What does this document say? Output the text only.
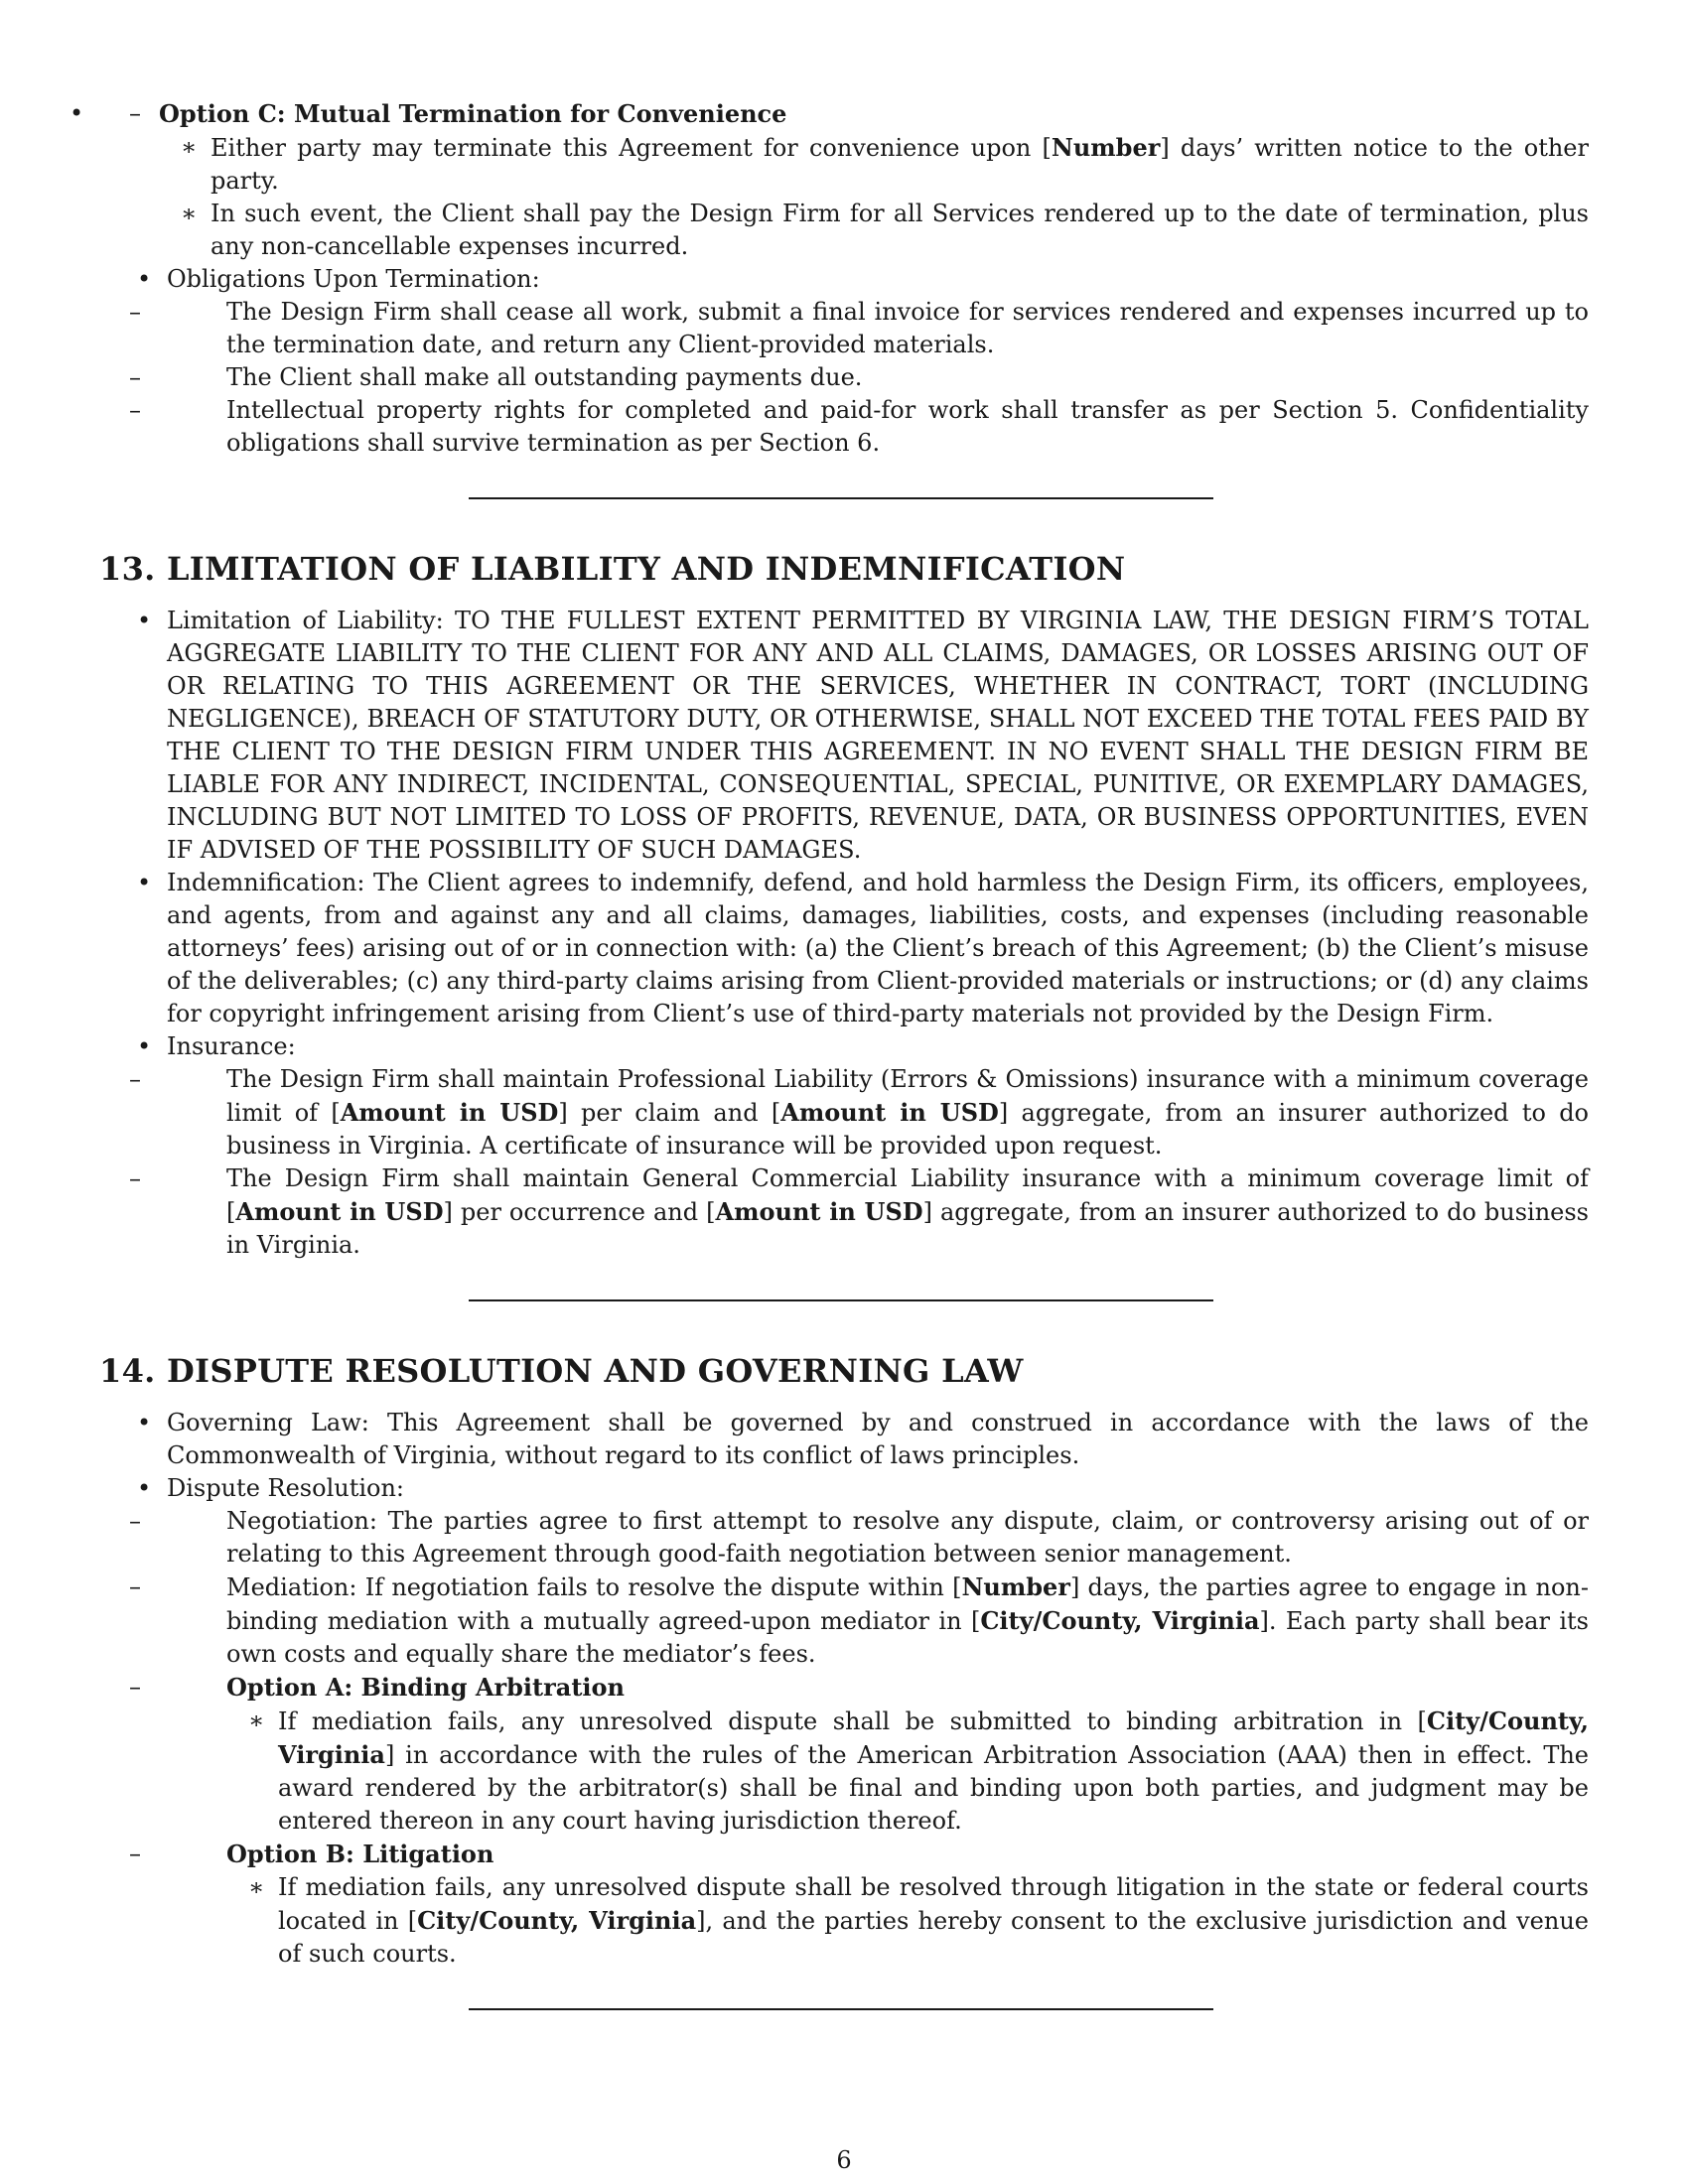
– • Option C: Mutual Termination for Convenience
∗ Either party may terminate this Agreement for convenience upon [Number] days’ written notice to the other party.
∗ In such event, the Client shall pay the Design Firm for all Services rendered up to the date of termination, plus any non-cancellable expenses incurred.
• Obligations Upon Termination:
– The Design Firm shall cease all work, submit a final invoice for services rendered and expenses incurred up to the termination date, and return any Client-provided materials.
– The Client shall make all outstanding payments due.
– Intellectual property rights for completed and paid-for work shall transfer as per Section 5. Confidentiality obligations shall survive termination as per Section 6.
13. LIMITATION OF LIABILITY AND INDEMNIFICATION
• Limitation of Liability: TO THE FULLEST EXTENT PERMITTED BY VIRGINIA LAW, THE DESIGN FIRM’S TOTAL AGGREGATE LIABILITY TO THE CLIENT FOR ANY AND ALL CLAIMS, DAMAGES, OR LOSSES ARISING OUT OF OR RELATING TO THIS AGREEMENT OR THE SERVICES, WHETHER IN CONTRACT, TORT (INCLUDING NEGLIGENCE), BREACH OF STATUTORY DUTY, OR OTHERWISE, SHALL NOT EXCEED THE TOTAL FEES PAID BY THE CLIENT TO THE DESIGN FIRM UNDER THIS AGREEMENT. IN NO EVENT SHALL THE DESIGN FIRM BE LIABLE FOR ANY INDIRECT, INCIDENTAL, CONSEQUENTIAL, SPECIAL, PUNITIVE, OR EXEMPLARY DAMAGES, INCLUDING BUT NOT LIMITED TO LOSS OF PROFITS, REVENUE, DATA, OR BUSINESS OPPORTUNITIES, EVEN IF ADVISED OF THE POSSIBILITY OF SUCH DAMAGES.
• Indemnification: The Client agrees to indemnify, defend, and hold harmless the Design Firm, its officers, employees, and agents, from and against any and all claims, damages, liabilities, costs, and expenses (including reasonable attorneys’ fees) arising out of or in connection with: (a) the Client’s breach of this Agreement; (b) the Client’s misuse of the deliverables; (c) any third-party claims arising from Client-provided materials or instructions; or (d) any claims for copyright infringement arising from Client’s use of third-party materials not provided by the Design Firm.
• Insurance:
– The Design Firm shall maintain Professional Liability (Errors & Omissions) insurance with a minimum coverage limit of [Amount in USD] per claim and [Amount in USD] aggregate, from an insurer authorized to do business in Virginia. A certificate of insurance will be provided upon request.
– The Design Firm shall maintain General Commercial Liability insurance with a minimum coverage limit of [Amount in USD] per occurrence and [Amount in USD] aggregate, from an insurer authorized to do business in Virginia.
14. DISPUTE RESOLUTION AND GOVERNING LAW
• Governing Law: This Agreement shall be governed by and construed in accordance with the laws of the Commonwealth of Virginia, without regard to its conflict of laws principles.
• Dispute Resolution:
– Negotiation: The parties agree to first attempt to resolve any dispute, claim, or controversy arising out of or relating to this Agreement through good-faith negotiation between senior management.
– Mediation: If negotiation fails to resolve the dispute within [Number] days, the parties agree to engage in non-binding mediation with a mutually agreed-upon mediator in [City/County, Virginia]. Each party shall bear its own costs and equally share the mediator’s fees.
– Option A: Binding Arbitration
∗ If mediation fails, any unresolved dispute shall be submitted to binding arbitration in [City/County, Virginia] in accordance with the rules of the American Arbitration Association (AAA) then in effect. The award rendered by the arbitrator(s) shall be final and binding upon both parties, and judgment may be entered thereon in any court having jurisdiction thereof.
– Option B: Litigation
∗ If mediation fails, any unresolved dispute shall be resolved through litigation in the state or federal courts located in [City/County, Virginia], and the parties hereby consent to the exclusive jurisdiction and venue of such courts.
6
